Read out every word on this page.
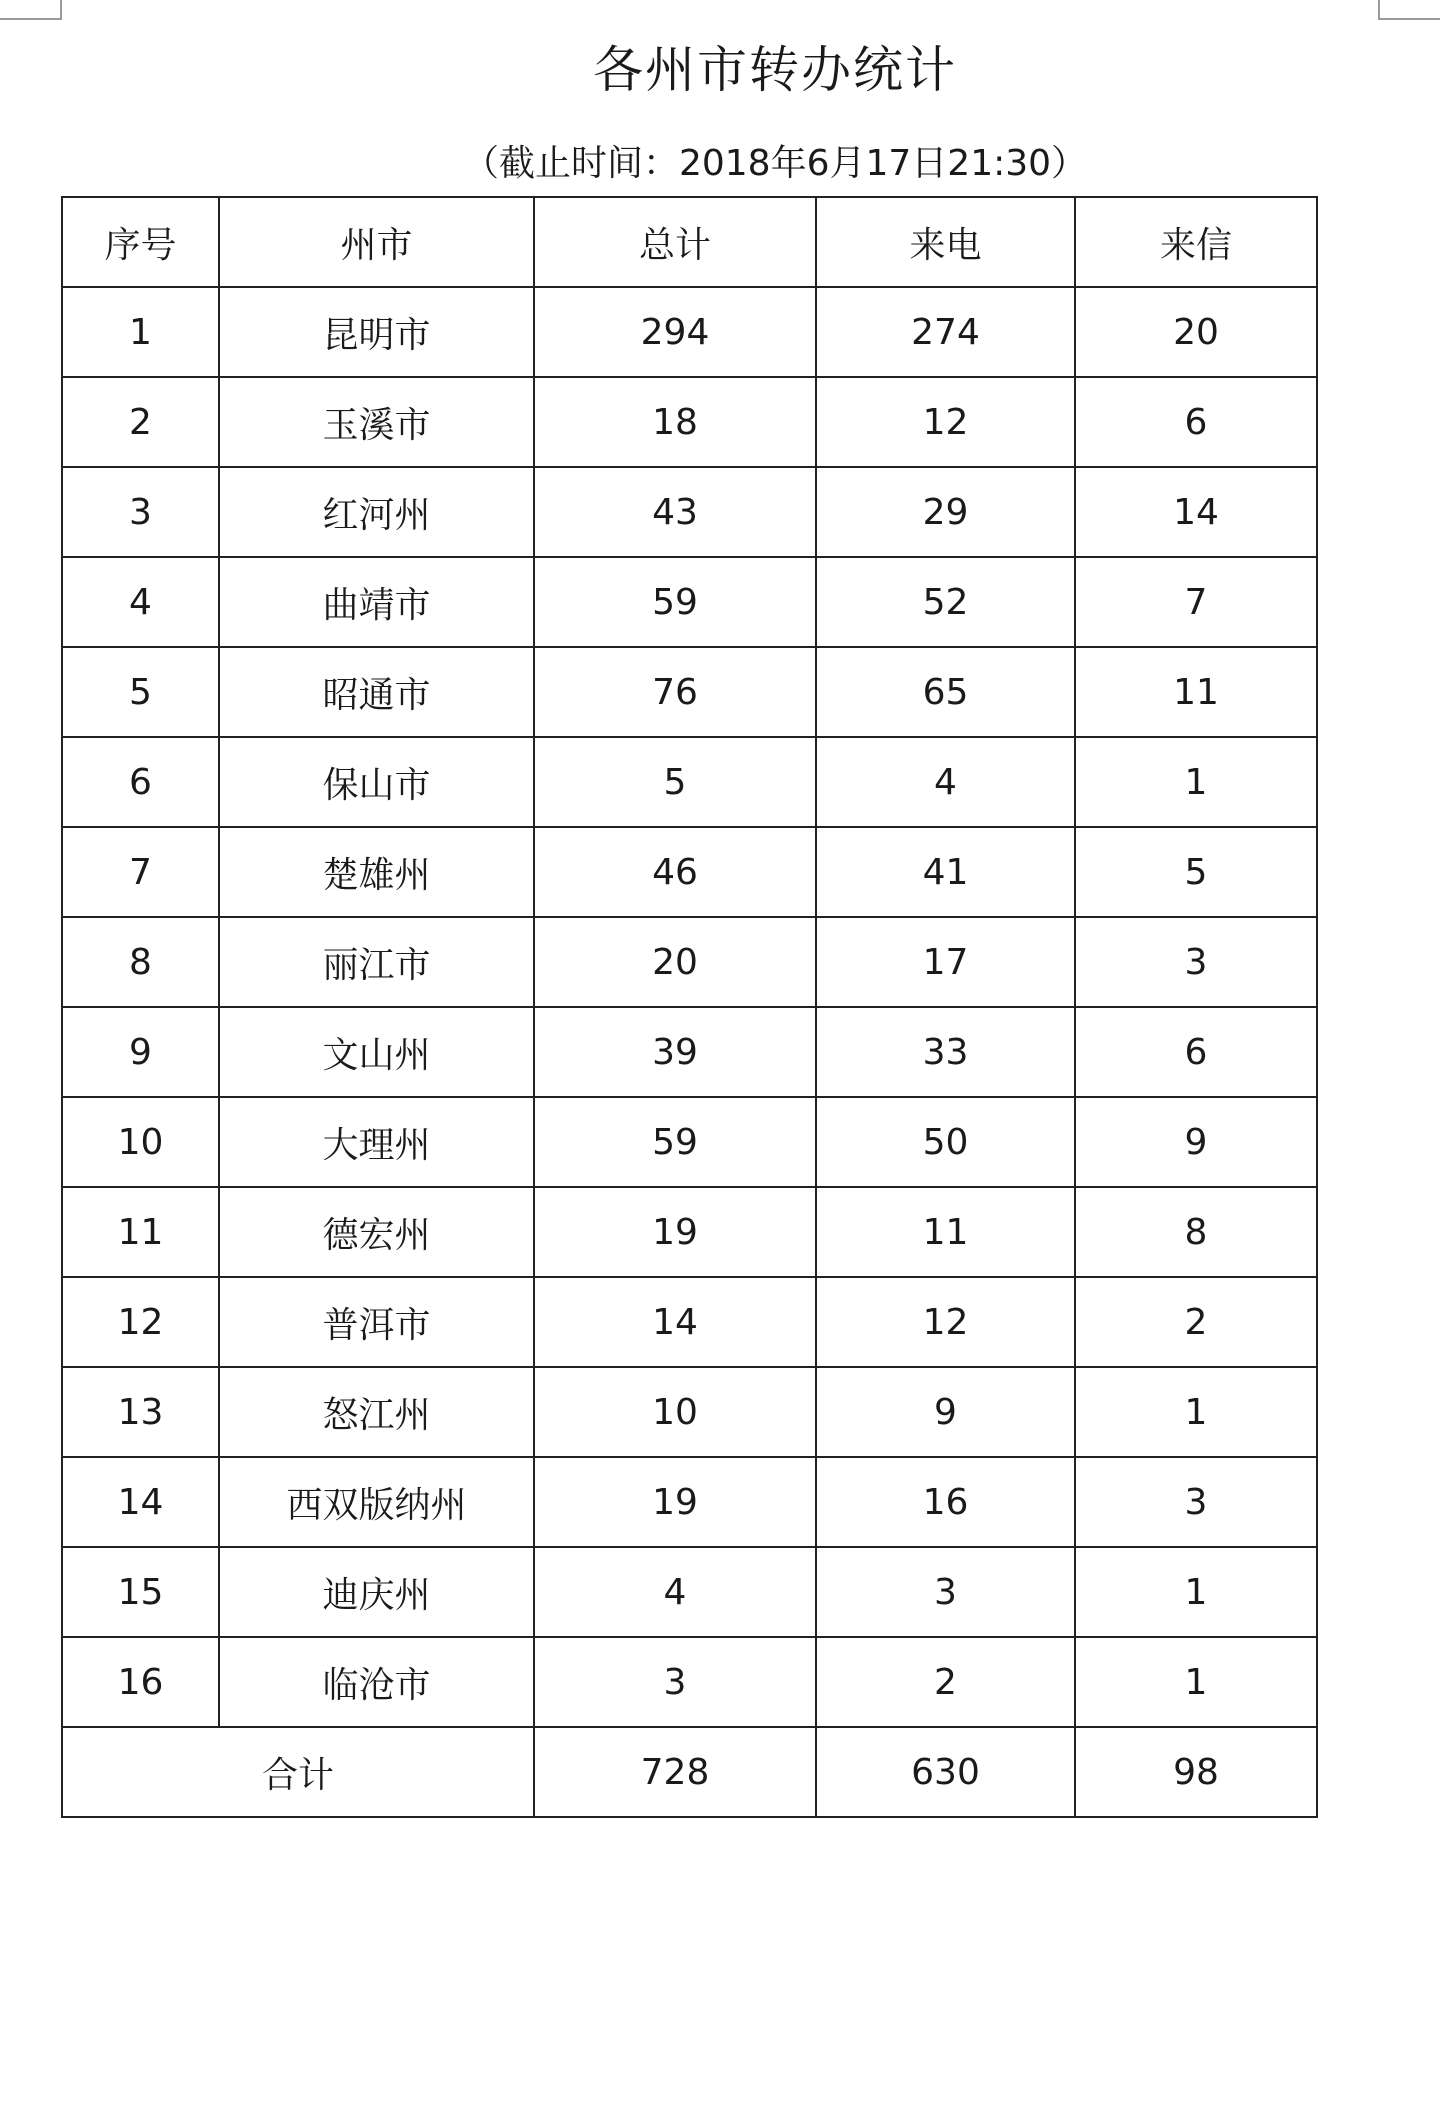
各州市转办统计
（截止时间：2018年6月17日21:30）
序号	州市	总计	来电	来信
1	昆明市	294	274	20
2	玉溪市	18	12	6
3	红河州	43	29	14
4	曲靖市	59	52	7
5	昭通市	76	65	11
6	保山市	5	4	1
7	楚雄州	46	41	5
8	丽江市	20	17	3
9	文山州	39	33	6
10	大理州	59	50	9
11	德宏州	19	11	8
12	普洱市	14	12	2
13	怒江州	10	9	1
14	西双版纳州	19	16	3
15	迪庆州	4	3	1
16	临沧市	3	2	1
合计		728	630	98
